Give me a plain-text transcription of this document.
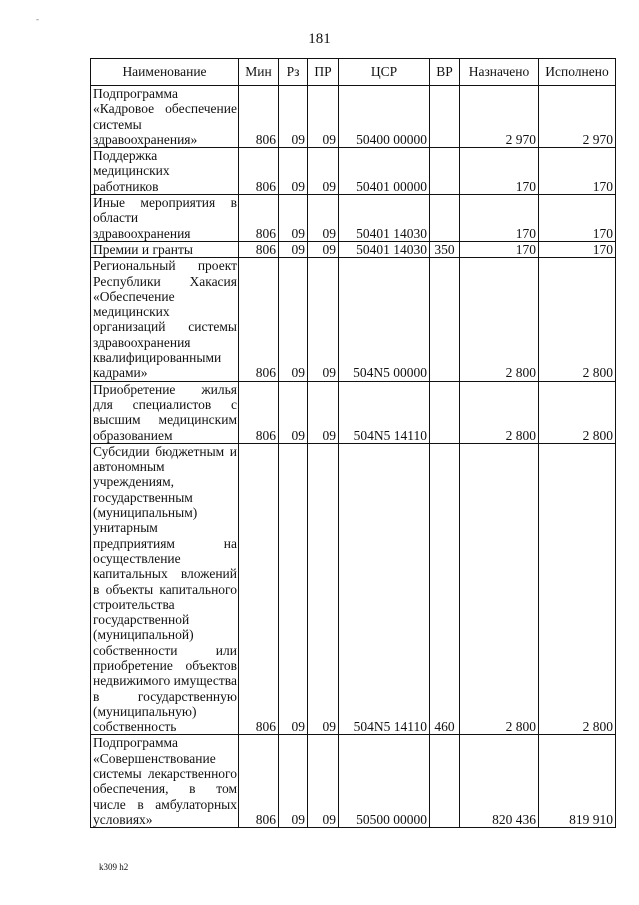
-
181
Наименование	Мин	Рз	ПР	ЦСР	ВР	Назначено	Исполнено
Подпрограмма «Кадровое обеспечение системы здравоохранения»	806	09	09	50400 00000		2 970	2 970
Поддержка медицинских работников	806	09	09	50401 00000		170	170
Иные мероприятия в области здравоохранения	806	09	09	50401 14030		170	170
Премии и гранты	806	09	09	50401 14030	350	170	170
Региональный проект Республики Хакасия «Обеспечение медицинских организаций системы здравоохранения квалифицированными кадрами»	806	09	09	504N5 00000		2 800	2 800
Приобретение жилья для специалистов с высшим медицинским образованием	806	09	09	504N5 14110		2 800	2 800
Субсидии бюджетным и автономным учреждениям, государственным (муниципальным) унитарным предприятиям на осуществление капитальных вложений в объекты капитального строительства государственной (муниципальной) собственности или приобретение объектов недвижимого имущества в государственную (муниципальную) собственность	806	09	09	504N5 14110	460	2 800	2 800
Подпрограмма «Совершенствование системы лекарственного обеспечения, в том числе в амбулаторных условиях»	806	09	09	50500 00000		820 436	819 910
k309 h2
